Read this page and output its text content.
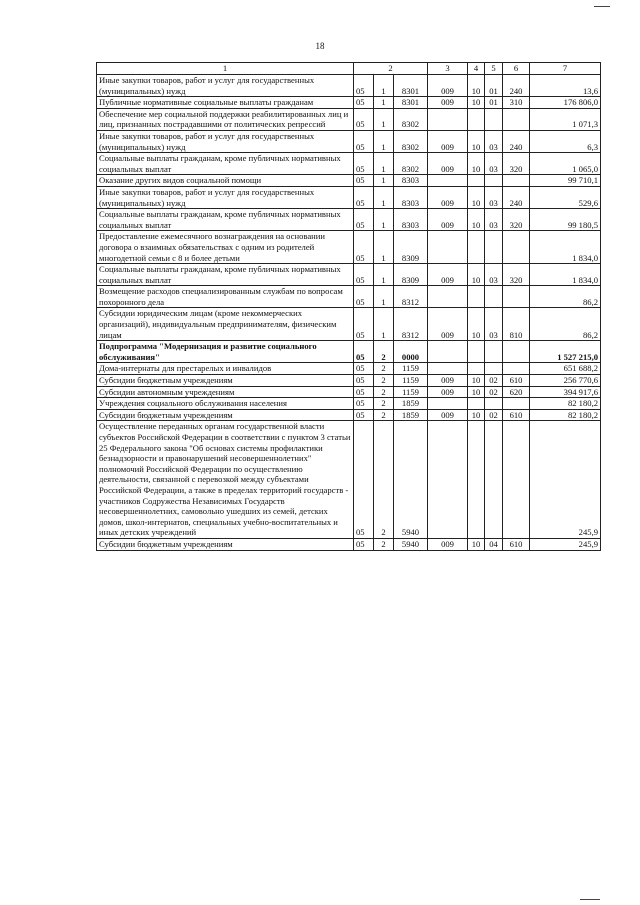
18
1	2			3	4	5	6	7
Иные закупки товаров, работ и услуг для государственных (муниципальных) нужд	05	1	8301	009	10	01	240	13,6
Публичные нормативные социальные выплаты гражданам	05	1	8301	009	10	01	310	176 806,0
Обеспечение мер социальной поддержки реабилитированных лиц и лиц, признанных пострадавшими от политических репрессий	05	1	8302					1 071,3
Иные закупки товаров, работ и услуг для государственных (муниципальных) нужд	05	1	8302	009	10	03	240	6,3
Социальные выплаты гражданам, кроме публичных нормативных социальных выплат	05	1	8302	009	10	03	320	1 065,0
Оказание других видов социальной помощи	05	1	8303					99 710,1
Иные закупки товаров, работ и услуг для государственных (муниципальных) нужд	05	1	8303	009	10	03	240	529,6
Социальные выплаты гражданам, кроме публичных нормативных социальных выплат	05	1	8303	009	10	03	320	99 180,5
Предоставление ежемесячного вознаграждения на основании договора о взаимных обязательствах с одним из родителей многодетной семьи с 8 и более детьми	05	1	8309					1 834,0
Социальные выплаты гражданам, кроме публичных нормативных социальных выплат	05	1	8309	009	10	03	320	1 834,0
Возмещение расходов специализированным службам по вопросам похоронного дела	05	1	8312					86,2
Субсидии юридическим лицам (кроме некоммерческих организаций), индивидуальным предпринимателям, физическим лицам	05	1	8312	009	10	03	810	86,2
Подпрограмма "Модернизация и развитие социального обслуживания"	05	2	0000					1 527 215,0
Дома-интернаты для престарелых и инвалидов	05	2	1159					651 688,2
Субсидии бюджетным учреждениям	05	2	1159	009	10	02	610	256 770,6
Субсидии автономным учреждениям	05	2	1159	009	10	02	620	394 917,6
Учреждения социального обслуживания населения	05	2	1859					82 180,2
Субсидии бюджетным учреждениям	05	2	1859	009	10	02	610	82 180,2
Осуществление переданных органам государственной власти субъектов Российской Федерации в соответствии с пунктом 3 статьи 25 Федерального закона "Об основах системы профилактики безнадзорности и правонарушений несовершеннолетних" полномочий Российской Федерации по осуществлению деятельности, связанной с перевозкой между субъектами Российской Федерации, а также в пределах территорий государств - участников Содружества Независимых Государств несовершеннолетних, самовольно ушедших из семей, детских домов, школ-интернатов, специальных учебно-воспитательных и иных детских учреждений	05	2	5940					245,9
Субсидии бюджетным учреждениям	05	2	5940	009	10	04	610	245,9
